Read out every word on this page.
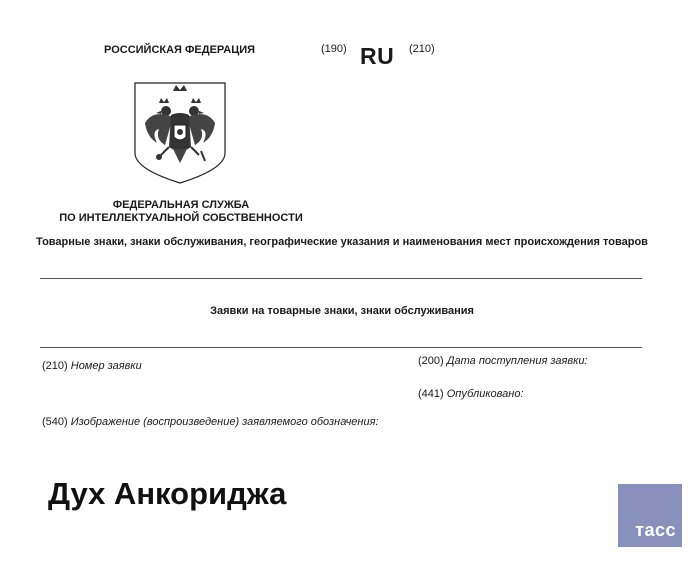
РОССИЙСКАЯ ФЕДЕРАЦИЯ	(190) RU (210)
ФЕДЕРАЛЬНАЯ СЛУЖБА
ПО ИНТЕЛЛЕКТУАЛЬНОЙ СОБСТВЕННОСТИ
Товарные знаки, знаки обслуживания, географические указания и наименования мест происхождения товаров
Заявки на товарные знаки, знаки обслуживания
(210) Номер заявки	(200) Дата поступления заявки:
(441) Опубликовано:
(540) Изображение (воспроизведение) заявляемого обозначения:
Дух Анкориджа
тасс
